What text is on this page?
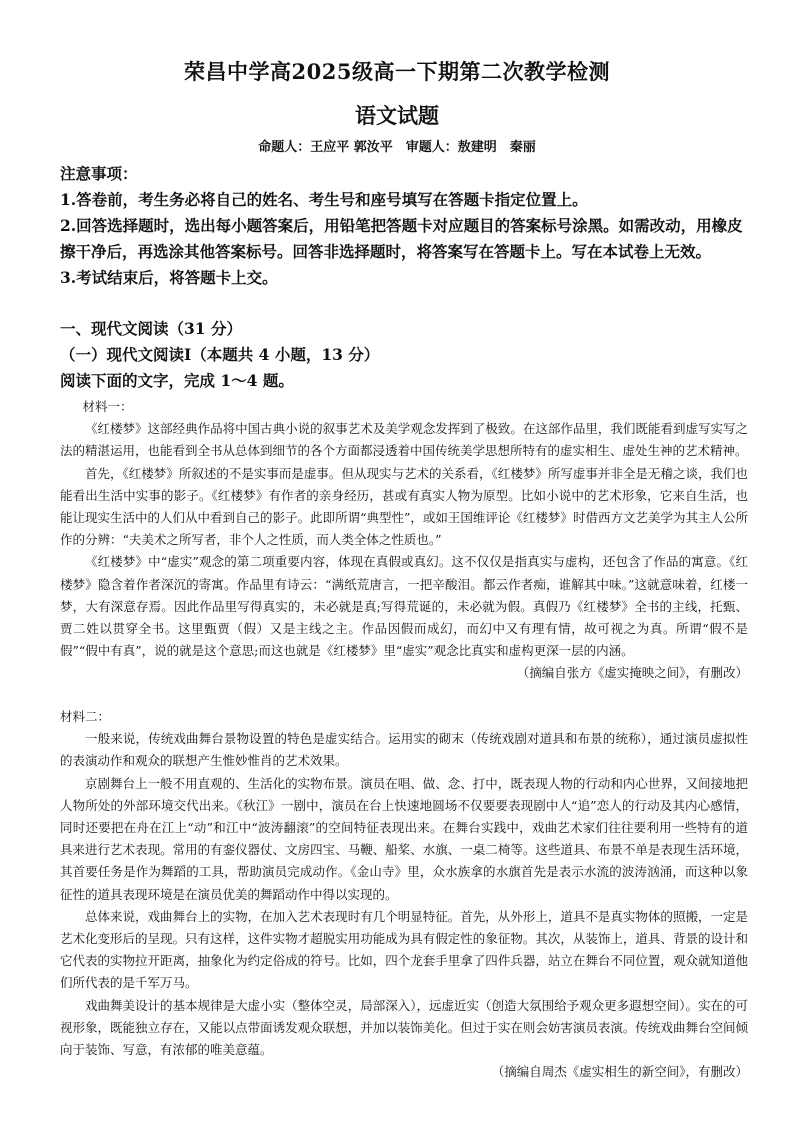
荣昌中学高2025级高一下期第二次教学检测
语文试题
命题人：王应平 郭汝平　审题人：敖建明　秦丽

注意事项：

1.答卷前，考生务必将自己的姓名、考生号和座号填写在答题卡指定位置上。

2.回答选择题时，选出每小题答案后，用铅笔把答题卡对应题目的答案标号涂黑。如需改动，用橡皮擦干净后，再选涂其他答案标号。回答非选择题时，将答案写在答题卡上。写在本试卷上无效。

3.考试结束后，将答题卡上交。

一、现代文阅读（31 分）

（一）现代文阅读Ⅰ（本题共 4 小题，13 分）

阅读下面的文字，完成 1～4 题。

材料一：

《红楼梦》这部经典作品将中国古典小说的叙事艺术及美学观念发挥到了极致。在这部作品里，我们既能看到虚写实写之法的精湛运用，也能看到全书从总体到细节的各个方面都浸透着中国传统美学思想所特有的虚实相生、虚处生神的艺术精神。

首先，《红楼梦》所叙述的不是实事而是虚事。但从现实与艺术的关系看，《红楼梦》所写虚事并非全是无稽之谈，我们也能看出生活中实事的影子。《红楼梦》有作者的亲身经历，甚或有真实人物为原型。比如小说中的艺术形象，它来自生活，也能让现实生活中的人们从中看到自己的影子。此即所谓“典型性”，或如王国维评论《红楼梦》时借西方文艺美学为其主人公所作的分辨：“夫美术之所写者，非个人之性质，而人类全体之性质也。”

《红楼梦》中“虚实”观念的第二项重要内容，体现在真假或真幻。这不仅仅是指真实与虚构，还包含了作品的寓意。《红楼梦》隐含着作者深沉的寄寓。作品里有诗云：“满纸荒唐言，一把辛酸泪。都云作者痴，谁解其中味。”这就意味着，红楼一梦，大有深意存焉。因此作品里写得真实的，未必就是真;写得荒诞的，未必就为假。真假乃《红楼梦》全书的主线，托甄、贾二姓以贯穿全书。这里甄贾（假）又是主线之主。作品因假而成幻，而幻中又有理有情，故可视之为真。所谓“假不是假”“假中有真”，说的就是这个意思;而这也就是《红楼梦》里“虚实”观念比真实和虚构更深一层的内涵。

（摘编自张方《虚实掩映之间》，有删改）

材料二：

一般来说，传统戏曲舞台景物设置的特色是虚实结合。运用实的砌末（传统戏剧对道具和布景的统称），通过演员虚拟性的表演动作和观众的联想产生惟妙惟肖的艺术效果。

京剧舞台上一般不用直观的、生活化的实物布景。演员在唱、做、念、打中，既表现人物的行动和内心世界，又间接地把人物所处的外部环境交代出来。《秋江》一剧中，演员在台上快速地圆场不仅要要表现剧中人“追”恋人的行动及其内心感情，同时还要把在舟在江上“动”和江中“波涛翻滚”的空间特征表现出来。在舞台实践中，戏曲艺术家们往往要利用一些特有的道具来进行艺术表现。常用的有銮仪器仗、文房四宝、马鞭、船桨、水旗、一桌二椅等。这些道具、布景不单是表现生活环境，其首要任务是作为舞蹈的工具，帮助演员完成动作。《金山寺》里，众水族拿的水旗首先是表示水流的波涛汹涌，而这种以象征性的道具表现环境是在演员优美的舞蹈动作中得以实现的。

总体来说，戏曲舞台上的实物，在加入艺术表现时有几个明显特征。首先，从外形上，道具不是真实物体的照搬，一定是艺术化变形后的呈现。只有这样，这件实物才超脱实用功能成为具有假定性的象征物。其次，从装饰上，道具、背景的设计和它代表的实物拉开距离，抽象化为约定俗成的符号。比如，四个龙套手里拿了四件兵器，站立在舞台不同位置，观众就知道他们所代表的是千军万马。

戏曲舞美设计的基本规律是大虚小实（整体空灵，局部深入），远虚近实（创造大氛围给予观众更多遐想空间）。实在的可视形象，既能独立存在，又能以点带面诱发观众联想，并加以装饰美化。但过于实在则会妨害演员表演。传统戏曲舞台空间倾向于装饰、写意，有浓郁的唯美意蕴。

（摘编自周杰《虚实相生的新空间》，有删改）
